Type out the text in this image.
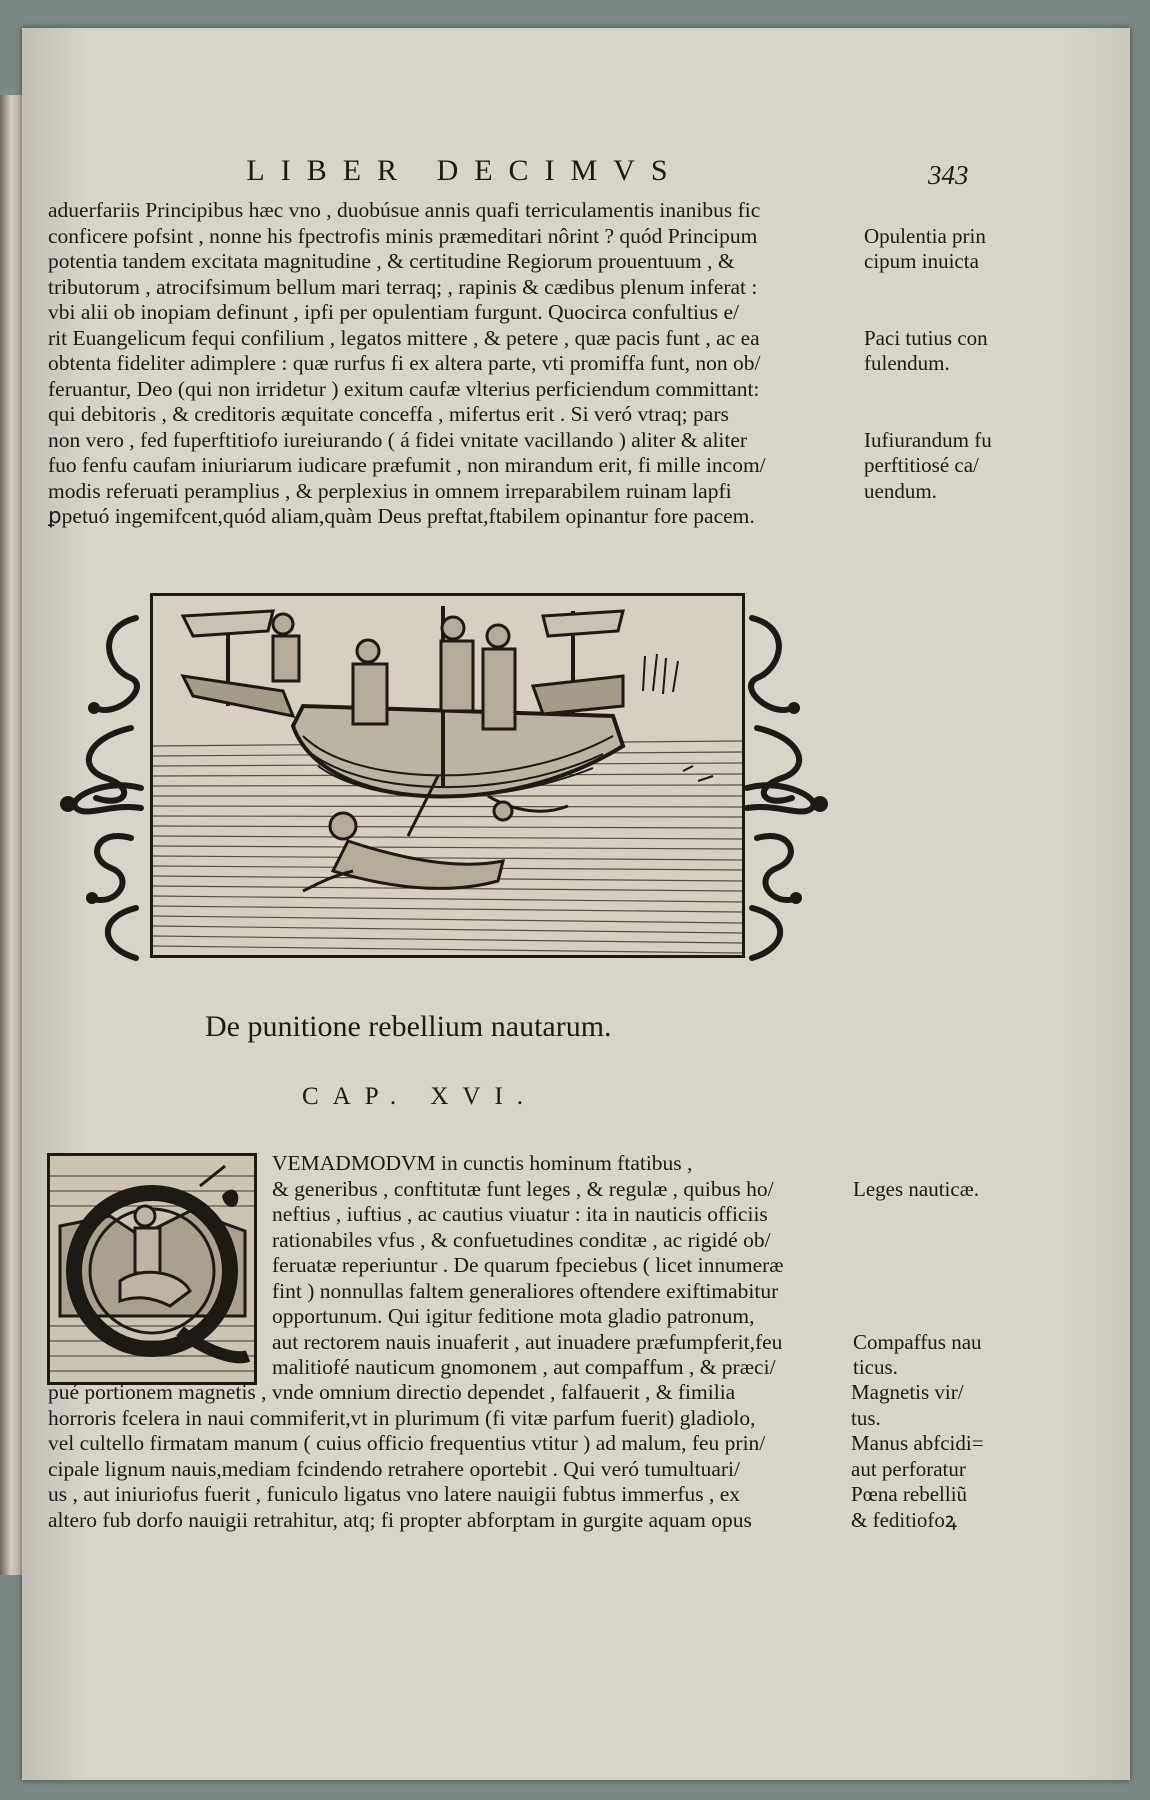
LIBER DECIMVS	343
aduerfariis Principibus hæc vno , duobúsue annis quafi terriculamentis inanibus fic
conficere pofsint , nonne his fpectrofis minis præmeditari nôrint ? quód Principum
potentia tandem excitata magnitudine , & certitudine Regiorum prouentuum , &
tributorum , atrocifsimum bellum mari terraq; , rapinis & cædibus plenum inferat :
vbi alii ob inopiam definunt , ipfi per opulentiam furgunt. Quocirca confultius e/
rit Euangelicum fequi confilium , legatos mittere , & petere , quæ pacis funt , ac ea
obtenta fideliter adimplere : quæ rurfus fi ex altera parte, vti promiffa funt, non ob/
feruantur, Deo (qui non irridetur ) exitum caufæ vlterius perficiendum committant:
qui debitoris , & creditoris æquitate conceffa , mifertus erit . Si veró vtraq; pars
non vero , fed fuperftitiofo iureiurando ( á fidei vnitate vacillando ) aliter & aliter
fuo fenfu caufam iniuriarum iudicare præfumit , non mirandum erit, fi mille incom/
modis referuati peramplius , & perplexius in omnem irreparabilem ruinam lapfi
ꝑpetuó ingemifcent,quód aliam,quàm Deus preftat,ftabilem opinantur fore pacem.
Opulentia prin
cipum inuicta
Paci tutius con
fulendum.
Iufiurandum fu
perftitiosé ca/
uendum.
De punitione rebellium nautarum.
CAP. XVI.
VEMADMODVM in cunctis hominum ftatibus ,
& generibus , conftitutæ funt leges , & regulæ , quibus ho/
neftius , iuftius , ac cautius viuatur : ita in nauticis officiis
rationabiles vfus , & confuetudines conditæ , ac rigidé ob/
feruatæ reperiuntur . De quarum fpeciebus ( licet innumeræ
fint ) nonnullas faltem generaliores oftendere exiftimabitur
opportunum. Qui igitur feditione mota gladio patronum,
aut rectorem nauis inuaferit , aut inuadere præfumpferit,feu
malitiofé nauticum gnomonem , aut compaffum , & præci/
pué portionem magnetis , vnde omnium directio dependet , falfauerit , & fimilia
horroris fcelera in naui commiferit,vt in plurimum (fi vitæ parfum fuerit) gladiolo,
vel cultello firmatam manum ( cuius officio frequentius vtitur ) ad malum, feu prin/
cipale lignum nauis,mediam fcindendo retrahere oportebit . Qui veró tumultuari/
us , aut iniuriofus fuerit , funiculo ligatus vno latere nauigii fubtus immerfus , ex
altero fub dorfo nauigii retrahitur, atq; fi propter abforptam in gurgite aquam opus
Leges nauticæ.
Compaffus nau
ticus.
Magnetis vir/
tus.
Manus abfcidi=
aut perforatur
Pœna rebelliũ
& feditiofoꝝ
